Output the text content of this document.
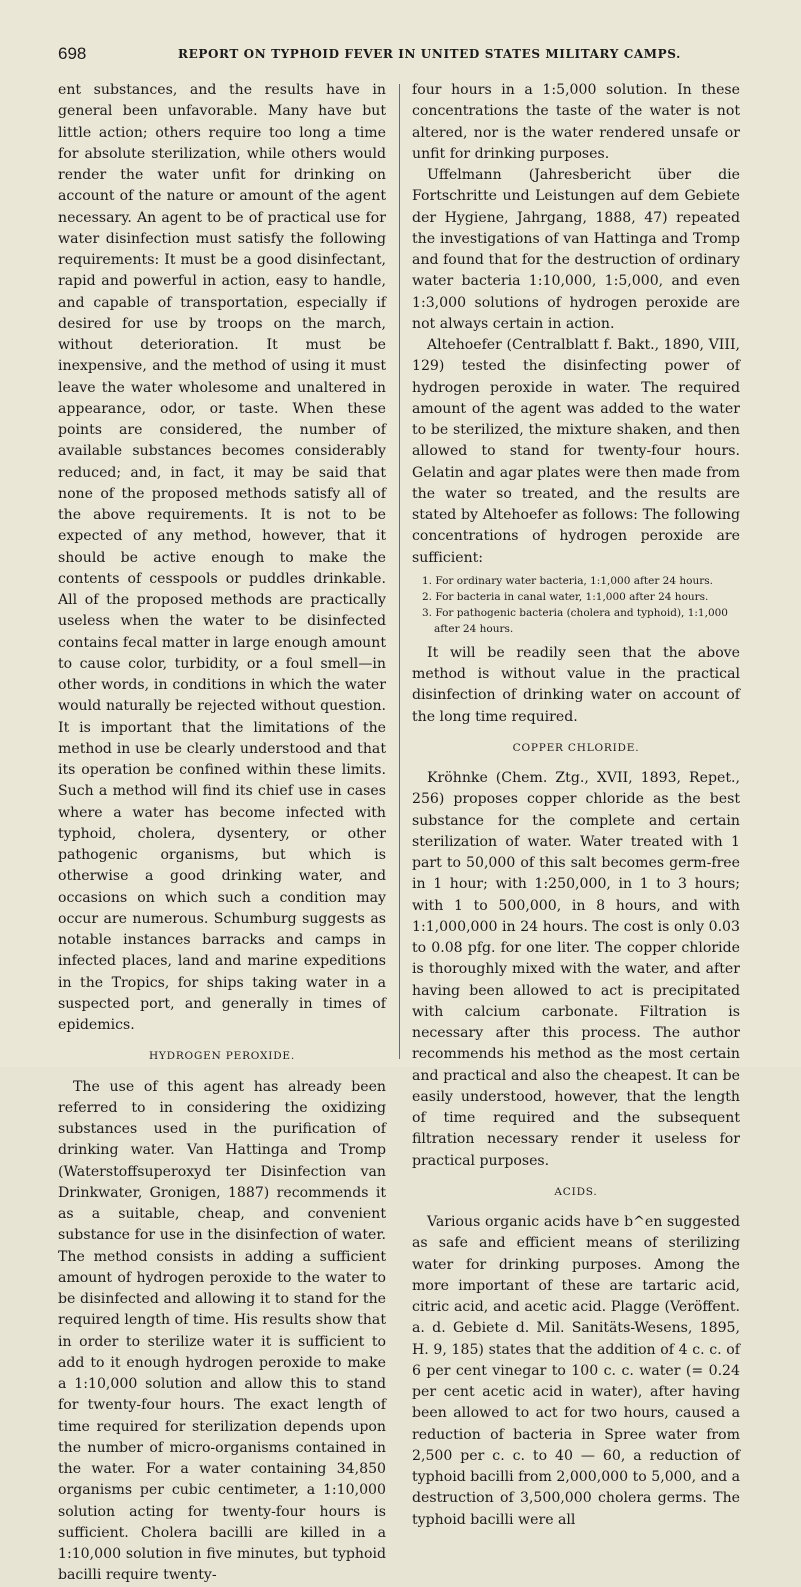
698	REPORT ON TYPHOID FEVER IN UNITED STATES MILITARY CAMPS.

ent substances, and the results have in general been unfavorable. Many have but little action; others require too long a time for absolute sterilization, while others would render the water unfit for drinking on account of the nature or amount of the agent necessary. An agent to be of practical use for water disinfection must satisfy the following requirements: It must be a good disinfectant, rapid and powerful in action, easy to handle, and capable of transportation, especially if desired for use by troops on the march, without deterioration. It must be inexpensive, and the method of using it must leave the water wholesome and unaltered in appearance, odor, or taste. When these points are considered, the number of available substances becomes considerably reduced; and, in fact, it may be said that none of the proposed methods satisfy all of the above requirements. It is not to be expected of any method, however, that it should be active enough to make the contents of cesspools or puddles drinkable. All of the proposed methods are practically useless when the water to be disinfected contains fecal matter in large enough amount to cause color, turbidity, or a foul smell—in other words, in conditions in which the water would naturally be rejected without question. It is important that the limitations of the method in use be clearly understood and that its operation be confined within these limits. Such a method will find its chief use in cases where a water has become infected with typhoid, cholera, dysentery, or other pathogenic organisms, but which is otherwise a good drinking water, and occasions on which such a condition may occur are numerous. Schumburg suggests as notable instances barracks and camps in infected places, land and marine expeditions in the Tropics, for ships taking water in a suspected port, and generally in times of epidemics.

HYDROGEN PEROXIDE.

The use of this agent has already been referred to in considering the oxidizing substances used in the purification of drinking water. Van Hattinga and Tromp (Waterstoffsuperoxyd ter Disinfection van Drinkwater, Gronigen, 1887) recommends it as a suitable, cheap, and convenient substance for use in the disinfection of water. The method consists in adding a sufficient amount of hydrogen peroxide to the water to be disinfected and allowing it to stand for the required length of time. His results show that in order to sterilize water it is sufficient to add to it enough hydrogen peroxide to make a 1:10,000 solution and allow this to stand for twenty-four hours. The exact length of time required for sterilization depends upon the number of micro-organisms contained in the water. For a water containing 34,850 organisms per cubic centimeter, a 1:10,000 solution acting for twenty-four hours is sufficient. Cholera bacilli are killed in a 1:10,000 solution in five minutes, but typhoid bacilli require twenty-

four hours in a 1:5,000 solution. In these concentrations the taste of the water is not altered, nor is the water rendered unsafe or unfit for drinking purposes.

Uffelmann (Jahresbericht über die Fortschritte und Leistungen auf dem Gebiete der Hygiene, Jahrgang, 1888, 47) repeated the investigations of van Hattinga and Tromp and found that for the destruction of ordinary water bacteria 1:10,000, 1:5,000, and even 1:3,000 solutions of hydrogen peroxide are not always certain in action.

Altehoefer (Centralblatt f. Bakt., 1890, VIII, 129) tested the disinfecting power of hydrogen peroxide in water. The required amount of the agent was added to the water to be sterilized, the mixture shaken, and then allowed to stand for twenty-four hours. Gelatin and agar plates were then made from the water so treated, and the results are stated by Altehoefer as follows: The following concentrations of hydrogen peroxide are sufficient:

1. For ordinary water bacteria, 1:1,000 after 24 hours.
2. For bacteria in canal water, 1:1,000 after 24 hours.
3. For pathogenic bacteria (cholera and typhoid), 1:1,000 after 24 hours.

It will be readily seen that the above method is without value in the practical disinfection of drinking water on account of the long time required.

COPPER CHLORIDE.

Kröhnke (Chem. Ztg., XVII, 1893, Repet., 256) proposes copper chloride as the best substance for the complete and certain sterilization of water. Water treated with 1 part to 50,000 of this salt becomes germ-free in 1 hour; with 1:250,000, in 1 to 3 hours; with 1 to 500,000, in 8 hours, and with 1:1,000,000 in 24 hours. The cost is only 0.03 to 0.08 pfg. for one liter. The copper chloride is thoroughly mixed with the water, and after having been allowed to act is precipitated with calcium carbonate. Filtration is necessary after this process. The author recommends his method as the most certain and practical and also the cheapest. It can be easily understood, however, that the length of time required and the subsequent filtration necessary render it useless for practical purposes.

ACIDS.

Various organic acids have b^en suggested as safe and efficient means of sterilizing water for drinking purposes. Among the more important of these are tartaric acid, citric acid, and acetic acid. Plagge (Veröffent. a. d. Gebiete d. Mil. Sanitäts-Wesens, 1895, H. 9, 185) states that the addition of 4 c. c. of 6 per cent vinegar to 100 c. c. water (= 0.24 per cent acetic acid in water), after having been allowed to act for two hours, caused a reduction of bacteria in Spree water from 2,500 per c. c. to 40 — 60, a reduction of typhoid bacilli from 2,000,000 to 5,000, and a destruction of 3,500,000 cholera germs. The typhoid bacilli were all
